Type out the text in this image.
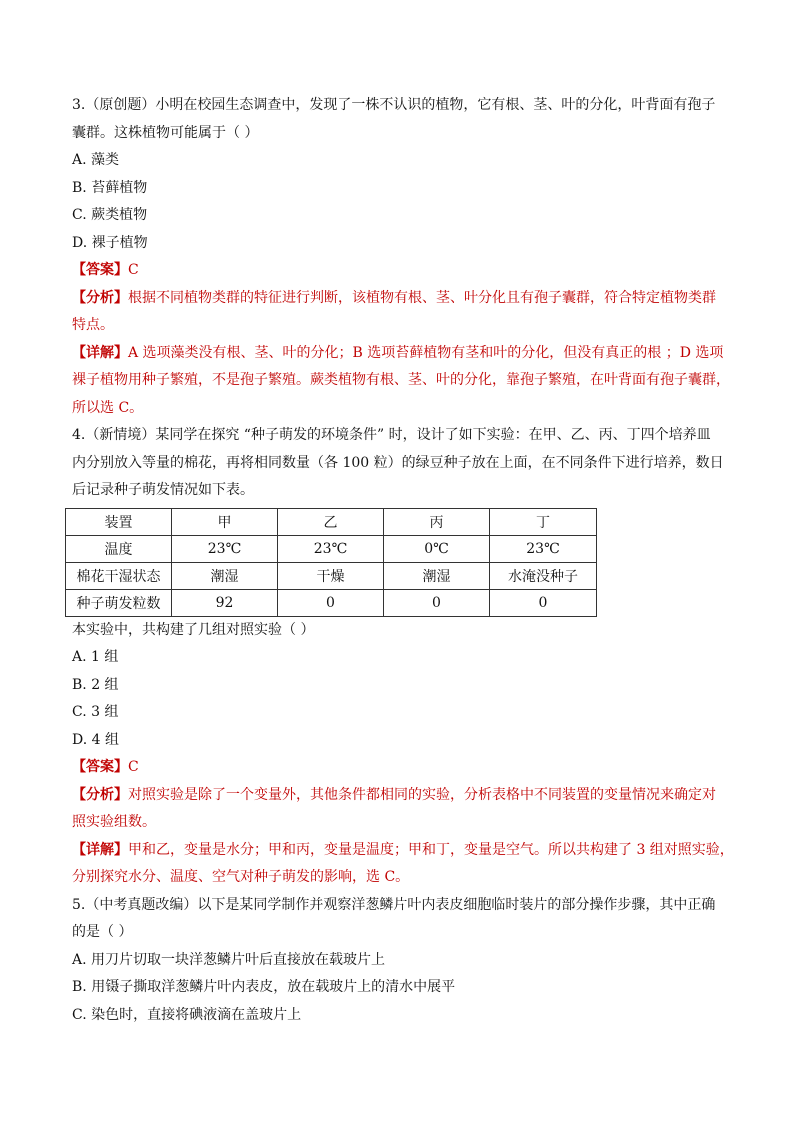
3.（原创题）小明在校园生态调查中，发现了一株不认识的植物，它有根、茎、叶的分化，叶背面有孢子
囊群。这株植物可能属于（ ）
A. 藻类
B. 苔藓植物
C. 蕨类植物
D. 裸子植物
【答案】C
【分析】根据不同植物类群的特征进行判断，该植物有根、茎、叶分化且有孢子囊群，符合特定植物类群
特点。
【详解】A 选项藻类没有根、茎、叶的分化；B 选项苔藓植物有茎和叶的分化，但没有真正的根 ；D 选项
裸子植物用种子繁殖，不是孢子繁殖。蕨类植物有根、茎、叶的分化，靠孢子繁殖，在叶背面有孢子囊群，
所以选 C。
4.（新情境）某同学在探究 “种子萌发的环境条件” 时，设计了如下实验：在甲、乙、丙、丁四个培养皿
内分别放入等量的棉花，再将相同数量（各 100 粒）的绿豆种子放在上面，在不同条件下进行培养，数日
后记录种子萌发情况如下表。
装置	甲	乙	丙	丁
温度	23℃	23℃	0℃	23℃
棉花干湿状态	潮湿	干燥	潮湿	水淹没种子
种子萌发粒数	92	0	0	0
本实验中，共构建了几组对照实验（ ）
A. 1 组
B. 2 组
C. 3 组
D. 4 组
【答案】C
【分析】对照实验是除了一个变量外，其他条件都相同的实验，分析表格中不同装置的变量情况来确定对
照实验组数。
【详解】甲和乙，变量是水分；甲和丙，变量是温度；甲和丁，变量是空气。所以共构建了 3 组对照实验，
分别探究水分、温度、空气对种子萌发的影响，选 C。
5.（中考真题改编）以下是某同学制作并观察洋葱鳞片叶内表皮细胞临时装片的部分操作步骤，其中正确
的是（ ）
A. 用刀片切取一块洋葱鳞片叶后直接放在载玻片上
B. 用镊子撕取洋葱鳞片叶内表皮，放在载玻片上的清水中展平
C. 染色时，直接将碘液滴在盖玻片上
